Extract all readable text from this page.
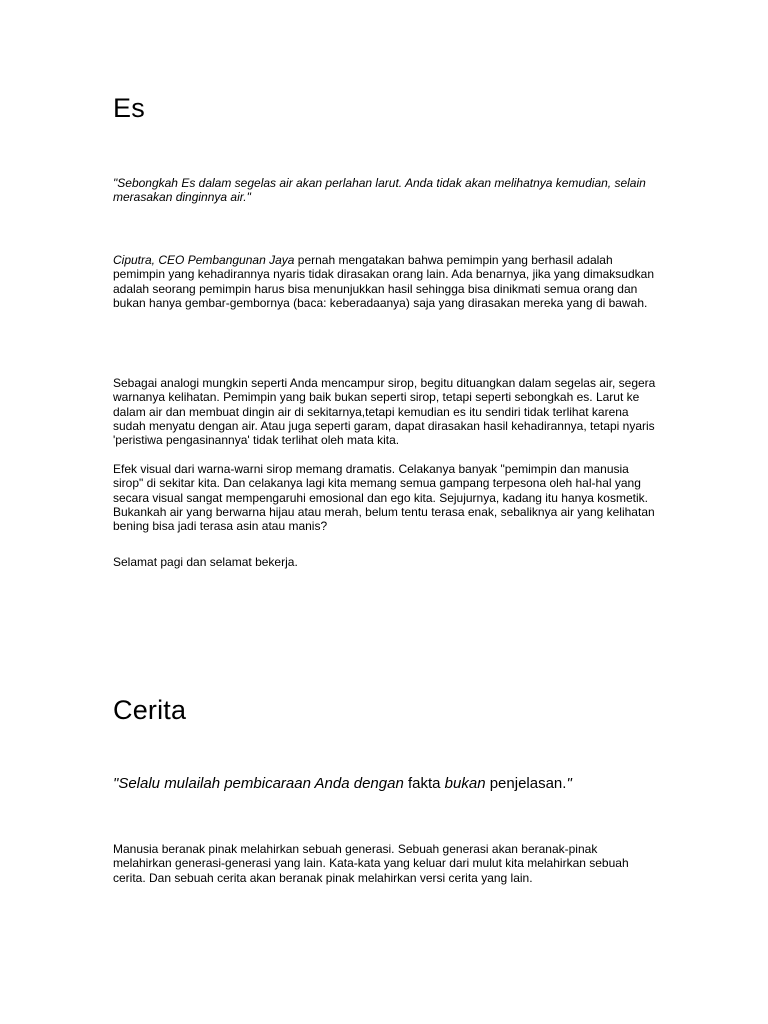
Es

"Sebongkah Es dalam segelas air akan perlahan larut. Anda tidak akan melihatnya kemudian, selain merasakan dinginnya air."

Ciputra, CEO Pembangunan Jaya pernah mengatakan bahwa pemimpin yang berhasil adalah pemimpin yang kehadirannya nyaris tidak dirasakan orang lain. Ada benarnya, jika yang dimaksudkan adalah seorang pemimpin harus bisa menunjukkan hasil sehingga bisa dinikmati semua orang dan bukan hanya gembar-gembornya (baca: keberadaanya) saja yang dirasakan mereka yang di bawah.

Sebagai analogi mungkin seperti Anda mencampur sirop, begitu dituangkan dalam segelas air, segera warnanya kelihatan. Pemimpin yang baik bukan seperti sirop, tetapi seperti sebongkah es. Larut ke dalam air dan membuat dingin air di sekitarnya,tetapi kemudian es itu sendiri tidak terlihat karena sudah menyatu dengan air. Atau juga seperti garam, dapat dirasakan hasil kehadirannya, tetapi nyaris 'peristiwa pengasinannya' tidak terlihat oleh mata kita.

Efek visual dari warna-warni sirop memang dramatis. Celakanya banyak "pemimpin dan manusia sirop" di sekitar kita. Dan celakanya lagi kita memang semua gampang terpesona oleh hal-hal yang secara visual sangat mempengaruhi emosional dan ego kita. Sejujurnya, kadang itu hanya kosmetik. Bukankah air yang berwarna hijau atau merah, belum tentu terasa enak, sebaliknya air yang kelihatan bening bisa jadi terasa asin atau manis?

Selamat pagi dan selamat bekerja.

Cerita

"Selalu mulailah pembicaraan Anda dengan fakta bukan penjelasan."

Manusia beranak pinak melahirkan sebuah generasi. Sebuah generasi akan beranak-pinak melahirkan generasi-generasi yang lain. Kata-kata yang keluar dari mulut kita melahirkan sebuah cerita. Dan sebuah cerita akan beranak pinak melahirkan versi cerita yang lain.
